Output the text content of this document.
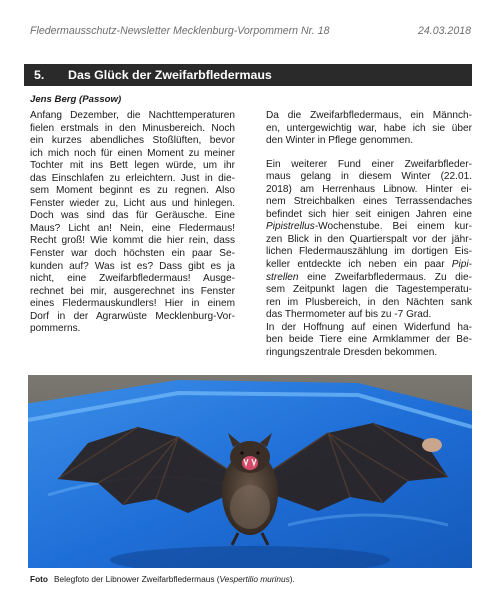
Fledermausschutz-Newsletter Mecklenburg-Vorpommern Nr. 18	24.03.2018
5.	Das Glück der Zweifarbfledermaus
Jens Berg (Passow)

Anfang Dezember, die Nachttemperaturen
fielen erstmals in den Minusbereich. Noch
ein kurzes abendliches Stoßlüften, bevor
ich mich noch für einen Moment zu meiner
Tochter mit ins Bett legen würde, um ihr
das Einschlafen zu erleichtern. Just in die-
sem Moment beginnt es zu regnen. Also
Fenster wieder zu, Licht aus und hinlegen.
Doch was sind das für Geräusche. Eine
Maus? Licht an! Nein, eine Fledermaus!
Recht groß! Wie kommt die hier rein, dass
Fenster war doch höchsten ein paar Se-
kunden auf? Was ist es? Dass gibt es ja
nicht, eine Zweifarbfledermaus! Ausge-
rechnet bei mir, ausgerechnet ins Fenster
eines Fledermauskundlers! Hier in einem
Dorf in der Agrarwüste Mecklenburg-Vor-
pommerns.

Da die Zweifarbfledermaus, ein Männch-
en, untergewichtig war, habe ich sie über
den Winter in Pflege genommen.

Ein weiterer Fund einer Zweifarbfleder-
maus gelang in diesem Winter (22.01.
2018) am Herrenhaus Libnow. Hinter ei-
nem Streichbalken eines Terrassendaches
befindet sich hier seit einigen Jahren eine
Pipistrellus-Wochenstube. Bei einem kur-
zen Blick in den Quartierspalt vor der jähr-
lichen Fledermauszählung im dortigen Eis-
keller entdeckte ich neben ein paar Pipi-
strellen eine Zweifarbfledermaus. Zu die-
sem Zeitpunkt lagen die Tagestemperatu-
ren im Plusbereich, in den Nächten sank
das Thermometer auf bis zu -7 Grad.
In der Hoffnung auf einen Widerfund ha-
ben beide Tiere eine Armklammer der Be-
ringungszentrale Dresden bekommen.

Foto Belegfoto der Libnower Zweifarbfledermaus (Vespertilio murinus).
